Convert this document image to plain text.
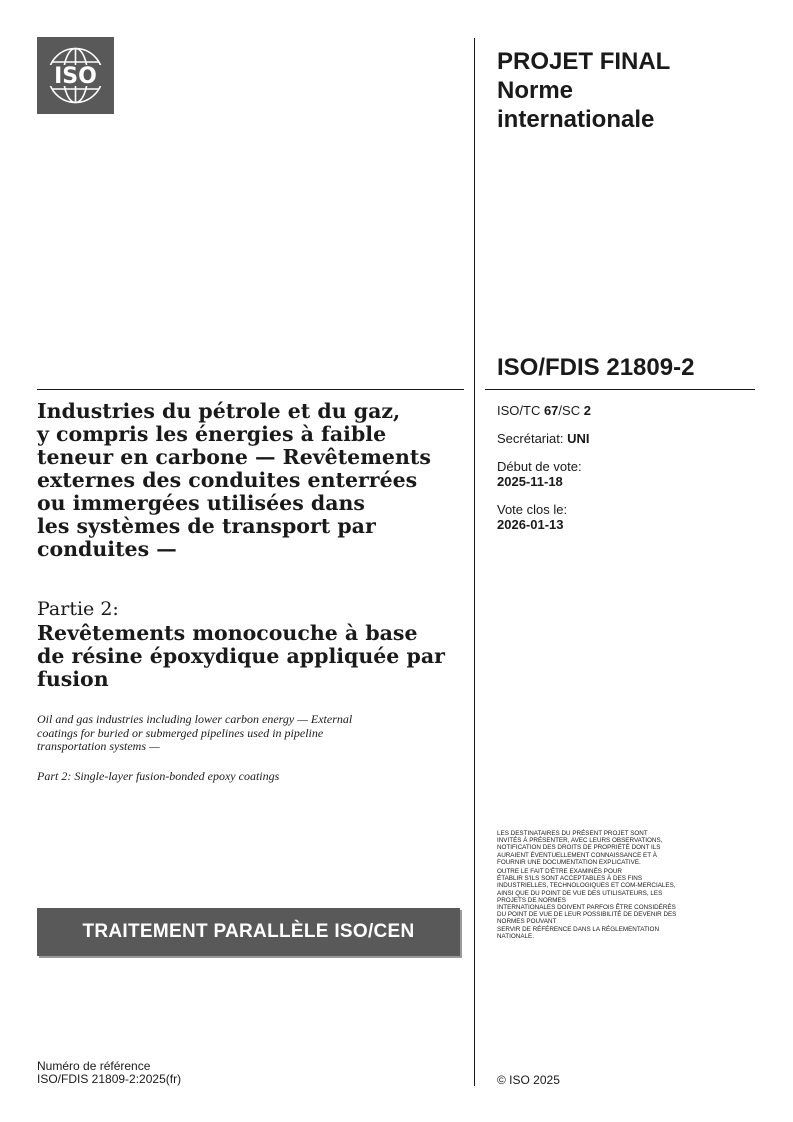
ISO
PROJET FINAL
Norme
internationale
ISO/FDIS 21809-2
ISO/TC 67/SC 2
Secrétariat: UNI
Début de vote:
2025-11-18
Vote clos le:
2026-01-13
Industries du pétrole et du gaz,
y compris les énergies à faible
teneur en carbone — Revêtements
externes des conduites enterrées
ou immergées utilisées dans
les systèmes de transport par
conduites —
Partie 2:
Revêtements monocouche à base
de résine époxydique appliquée par
fusion
Oil and gas industries including lower carbon energy — External
coatings for buried or submerged pipelines used in pipeline
transportation systems —
Part 2: Single-layer fusion-bonded epoxy coatings
TRAITEMENT PARALLÈLE ISO/CEN

LES DESTINATAIRES DU PRÉSENT PROJET SONT
INVITÉS À PRÉSENTER, AVEC LEURS OBSERVATIONS,
NOTIFICATION DES DROITS DE PROPRIÉTÉ DONT ILS
AURAIENT ÉVENTUELLEMENT CONNAISSANCE ET À
FOURNIR UNE DOCUMENTATION EXPLICATIVE.

OUTRE LE FAIT D'ÊTRE EXAMINÉS POUR
ÉTABLIR S'ILS SONT ACCEPTABLES À DES FINS
INDUSTRIELLES, TECHNOLOGIQUES ET COM-MERCIALES,
AINSI QUE DU POINT DE VUE DES UTILISATEURS, LES
PROJETS DE NORMES
INTERNATIONALES DOIVENT PARFOIS ÊTRE CONSIDÉRÉS
DU POINT DE VUE DE LEUR POSSIBILITÉ DE DEVENIR DES
NORMES POUVANT
SERVIR DE RÉFÉRENCE DANS LA RÉGLEMENTATION
NATIONALE.

Numéro de référence
ISO/FDIS 21809-2:2025(fr)	© ISO 2025
